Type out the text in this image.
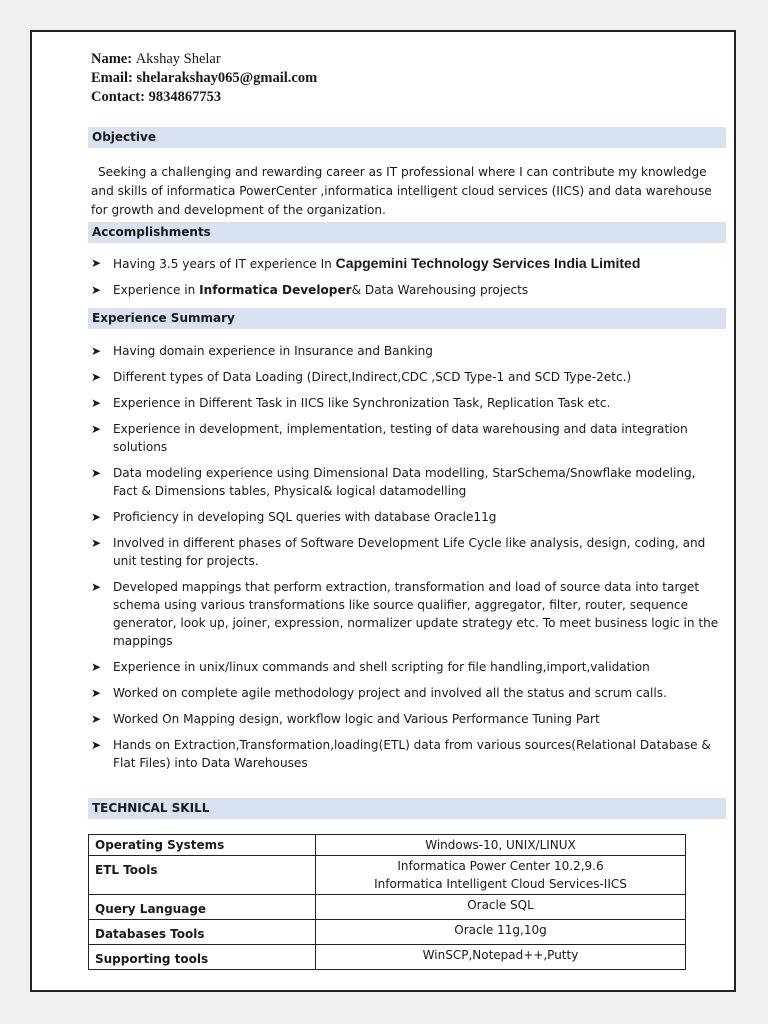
Name: Akshay Shelar
Email: shelarakshay065@gmail.com
Contact: 9834867753
Objective
Seeking a challenging and rewarding career as IT professional where I can contribute my knowledge and skills of informatica PowerCenter ,informatica intelligent cloud services (IICS) and data warehouse for growth and development of the organization.
Accomplishments
➤ Having 3.5 years of IT experience In Capgemini Technology Services India Limited
➤ Experience in Informatica Developer& Data Warehousing projects
Experience Summary
➤ Having domain experience in Insurance and Banking
➤ Different types of Data Loading (Direct,Indirect,CDC ,SCD Type-1 and SCD Type-2etc.)
➤ Experience in Different Task in IICS like Synchronization Task, Replication Task etc.
➤ Experience in development, implementation, testing of data warehousing and data integration solutions
➤ Data modeling experience using Dimensional Data modelling, StarSchema/Snowflake modeling, Fact & Dimensions tables, Physical& logical datamodelling
➤ Proficiency in developing SQL queries with database Oracle11g
➤ Involved in different phases of Software Development Life Cycle like analysis, design, coding, and unit testing for projects.
➤ Developed mappings that perform extraction, transformation and load of source data into target schema using various transformations like source qualifier, aggregator, filter, router, sequence generator, look up, joiner, expression, normalizer update strategy etc. To meet business logic in the mappings
➤ Experience in unix/linux commands and shell scripting for file handling,import,validation
➤ Worked on complete agile methodology project and involved all the status and scrum calls.
➤ Worked On Mapping design, workflow logic and Various Performance Tuning Part
➤ Hands on Extraction,Transformation,loading(ETL) data from various sources(Relational Database & Flat Files) into Data Warehouses
TECHNICAL SKILL
Operating Systems	Windows-10, UNIX/LINUX

ETL Tools	Informatica Power Center 10.2,9.6
Informatica Intelligent Cloud Services-IICS

Query Language	Oracle SQL

Databases Tools	Oracle 11g,10g

Supporting tools	WinSCP,Notepad++,Putty
